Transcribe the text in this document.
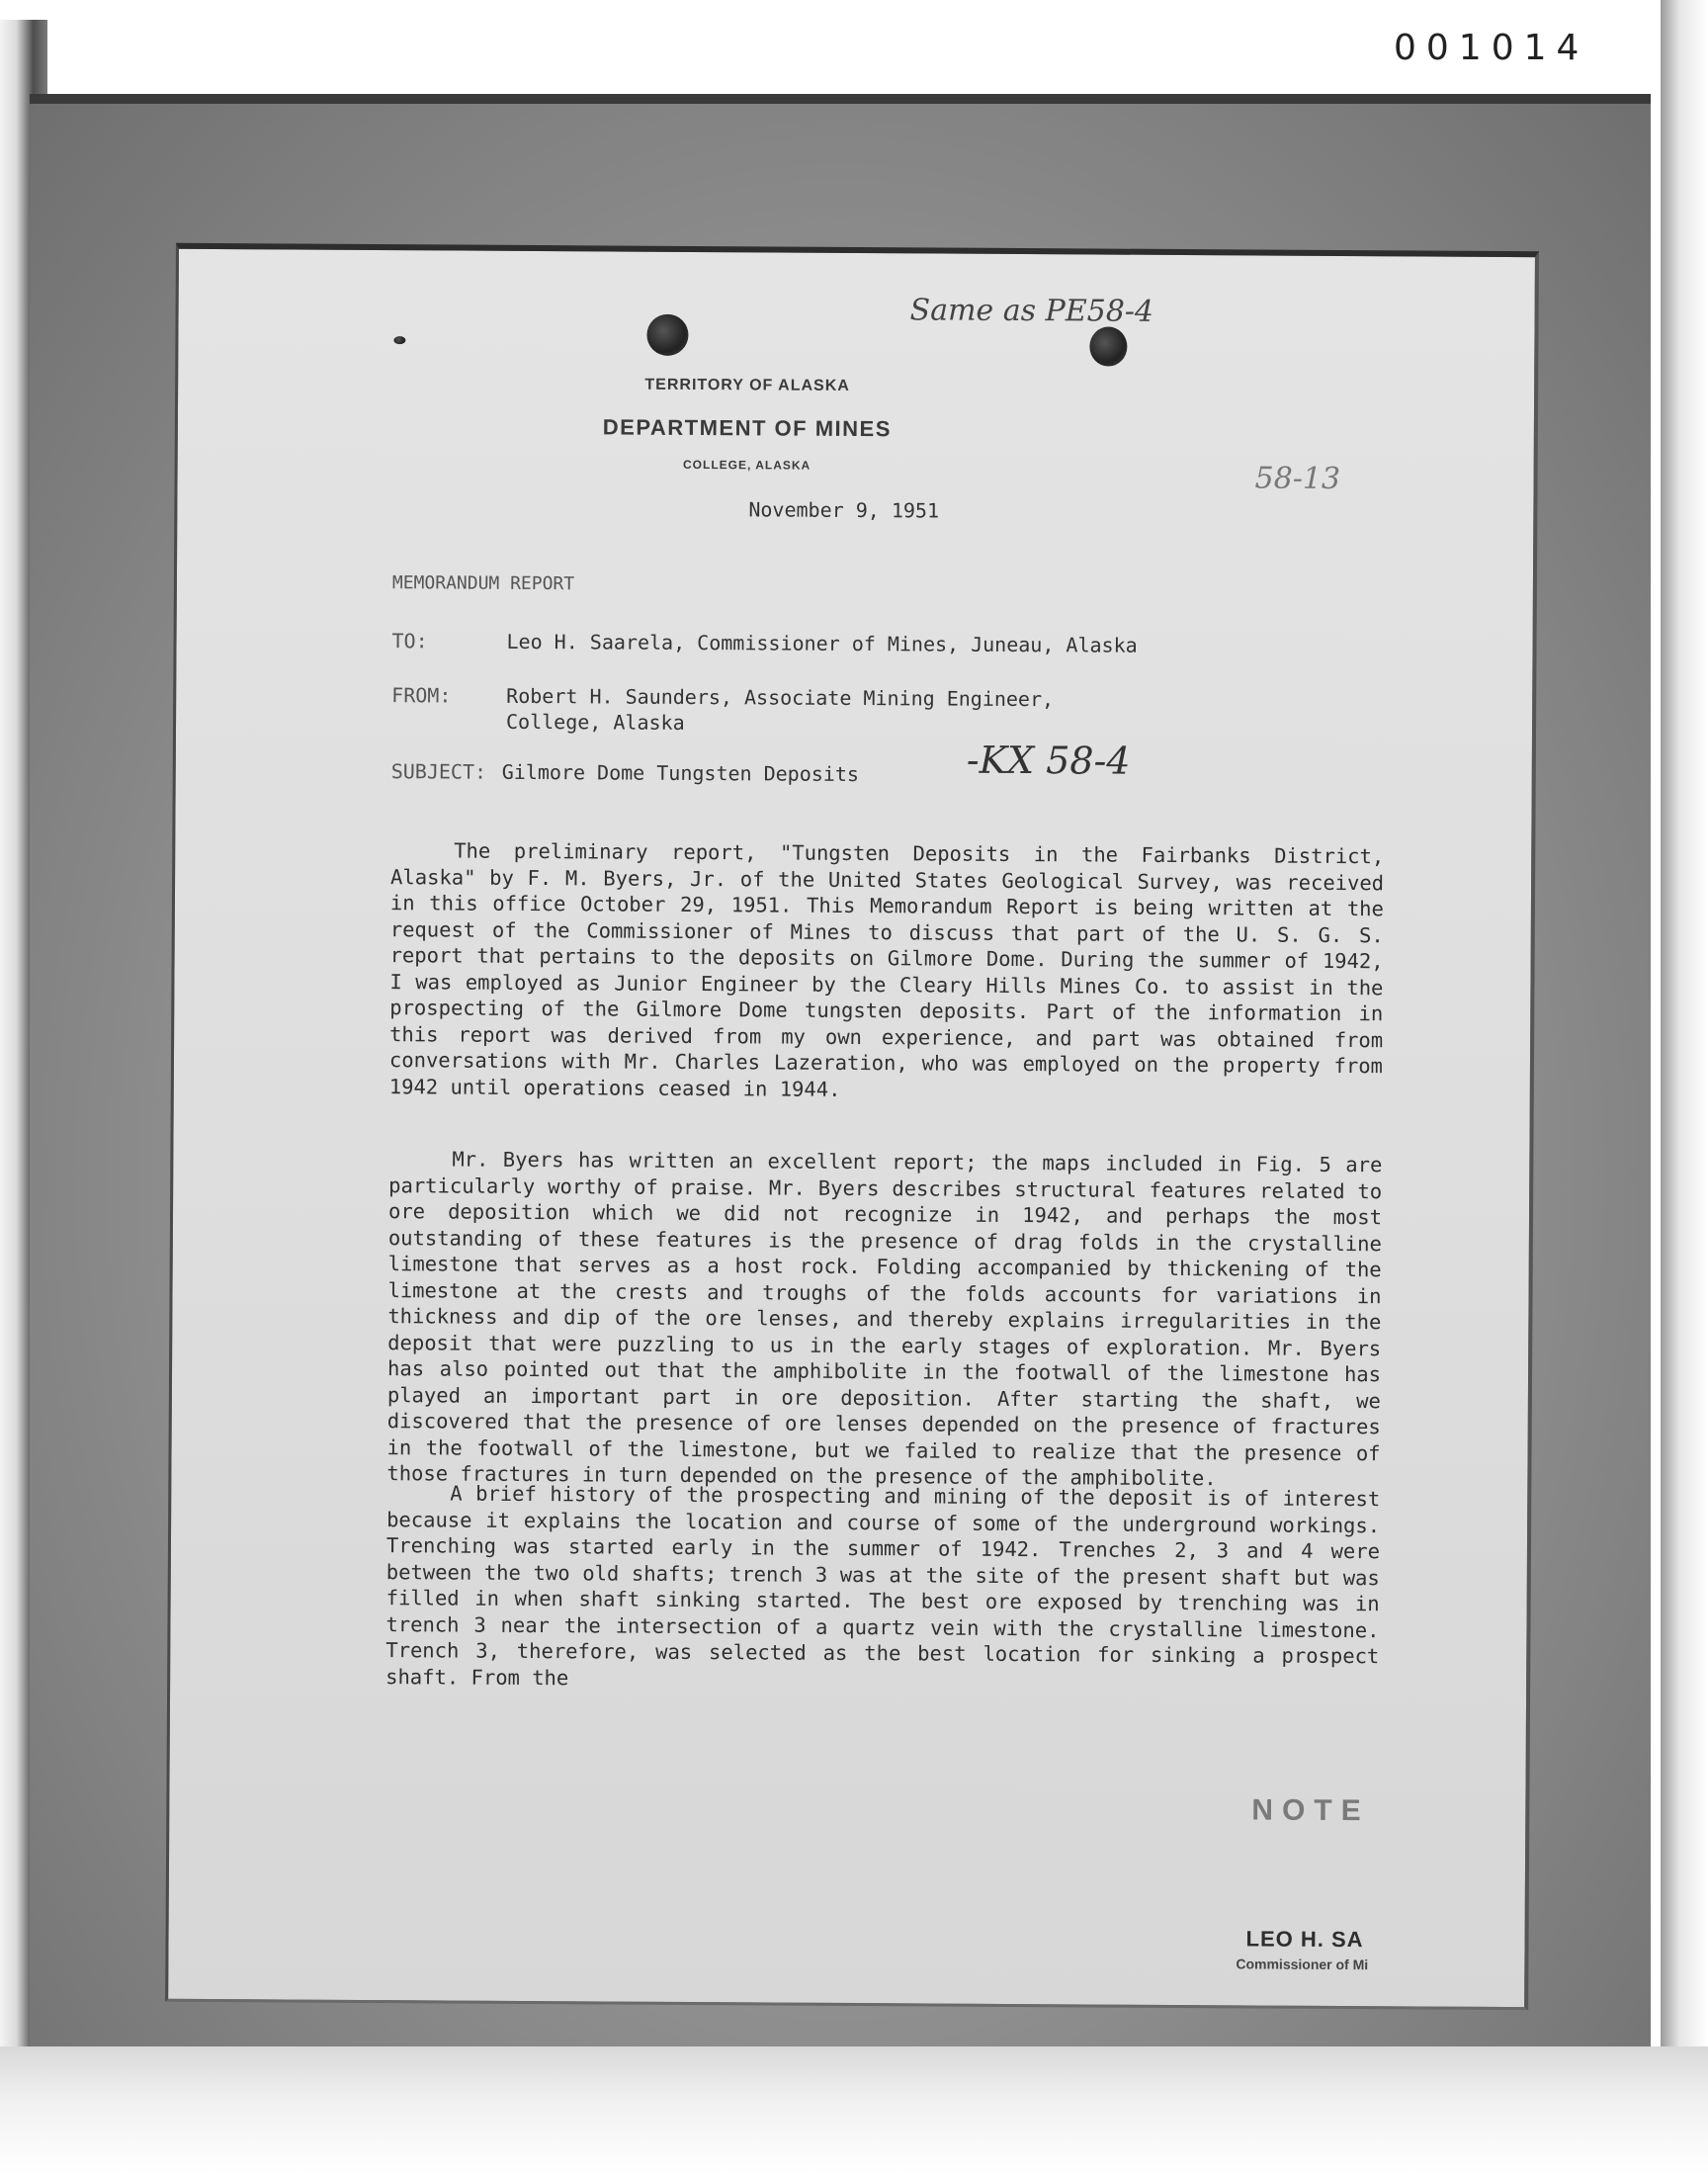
001014
Same as PE58-4
58-13
TERRITORY OF ALASKA
DEPARTMENT OF MINES
COLLEGE, ALASKA
November 9, 1951
MEMORANDUM REPORT
TO:	Leo H. Saarela, Commissioner of Mines, Juneau, Alaska
FROM:	Robert H. Saunders, Associate Mining Engineer,
College, Alaska
SUBJECT: Gilmore Dome Tungsten Deposits	-KX 58-4

The preliminary report, "Tungsten Deposits in the Fairbanks District, Alaska" by F. M. Byers, Jr. of the United States Geological Survey, was received in this office October 29, 1951. This Memorandum Report is being written at the request of the Commissioner of Mines to discuss that part of the U. S. G. S. report that pertains to the deposits on Gilmore Dome. During the summer of 1942, I was employed as Junior Engineer by the Cleary Hills Mines Co. to assist in the prospecting of the Gilmore Dome tungsten deposits. Part of the information in this report was derived from my own experience, and part was obtained from conversations with Mr. Charles Lazeration, who was employed on the property from 1942 until operations ceased in 1944.

Mr. Byers has written an excellent report; the maps included in Fig. 5 are particularly worthy of praise. Mr. Byers describes structural features related to ore deposition which we did not recognize in 1942, and perhaps the most outstanding of these features is the presence of drag folds in the crystalline limestone that serves as a host rock. Folding accompanied by thickening of the limestone at the crests and troughs of the folds accounts for variations in thickness and dip of the ore lenses, and thereby explains irregularities in the deposit that were puzzling to us in the early stages of exploration. Mr. Byers has also pointed out that the amphibolite in the footwall of the limestone has played an important part in ore deposition. After starting the shaft, we discovered that the presence of ore lenses depended on the presence of fractures in the footwall of the limestone, but we failed to realize that the presence of those fractures in turn depended on the presence of the amphibolite.

A brief history of the prospecting and mining of the deposit is of interest because it explains the location and course of some of the underground workings. Trenching was started early in the summer of 1942. Trenches 2, 3 and 4 were between the two old shafts; trench 3 was at the site of the present shaft but was filled in when shaft sinking started. The best ore exposed by trenching was in trench 3 near the intersection of a quartz vein with the crystalline limestone. Trench 3, therefore, was selected as the best location for sinking a prospect shaft. From the

NOTE
LEO H. SA
Commissioner of Mi
